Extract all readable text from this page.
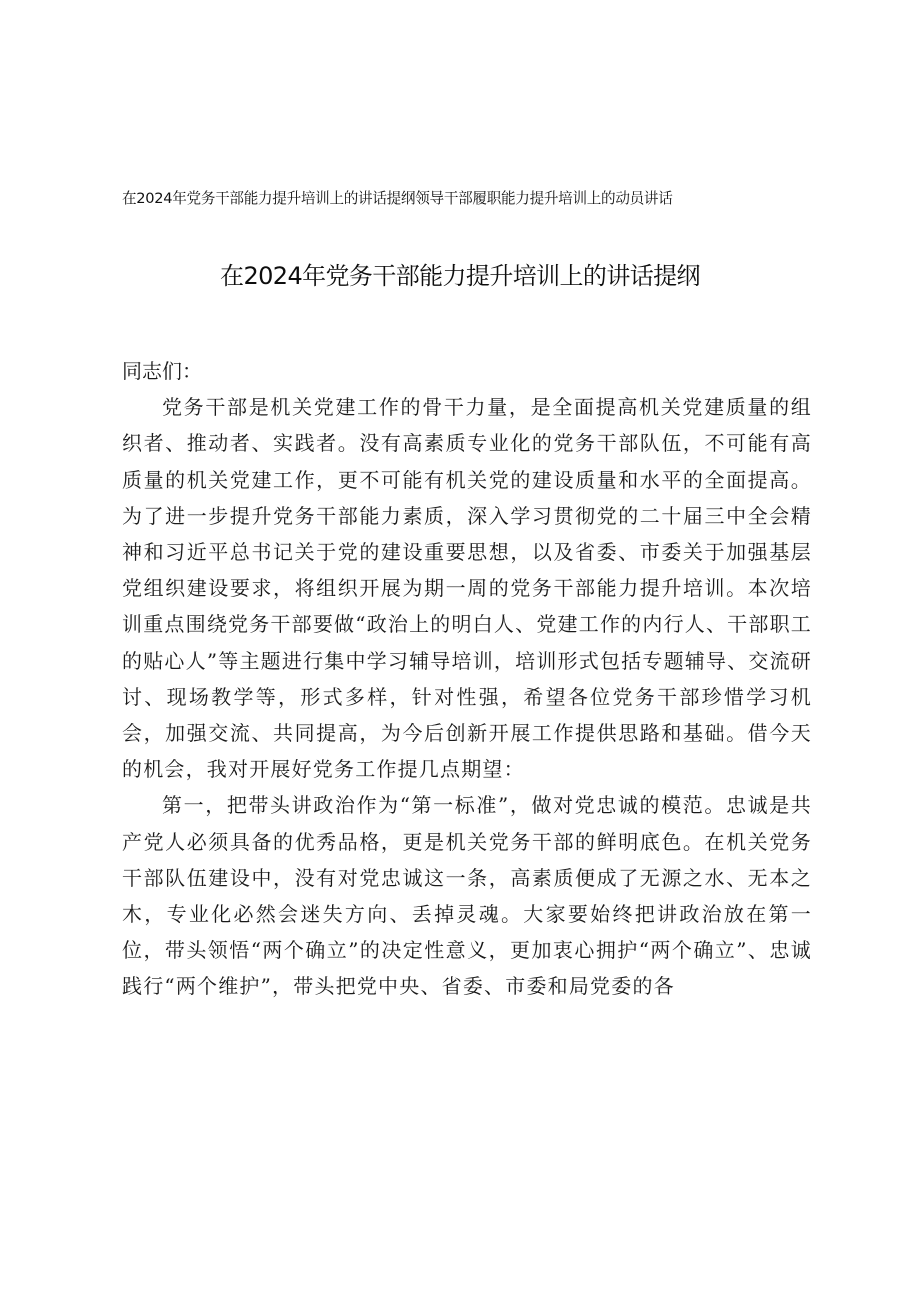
在2024年党务干部能力提升培训上的讲话提纲领导干部履职能力提升培训上的动员讲话
在2024年党务干部能力提升培训上的讲话提纲

同志们：

党务干部是机关党建工作的骨干力量，是全面提高机关党建质量的组织者、推动者、实践者。没有高素质专业化的党务干部队伍，不可能有高质量的机关党建工作，更不可能有机关党的建设质量和水平的全面提高。为了进一步提升党务干部能力素质，深入学习贯彻党的二十届三中全会精神和习近平总书记关于党的建设重要思想，以及省委、市委关于加强基层党组织建设要求，将组织开展为期一周的党务干部能力提升培训。本次培训重点围绕党务干部要做“政治上的明白人、党建工作的内行人、干部职工的贴心人”等主题进行集中学习辅导培训，培训形式包括专题辅导、交流研讨、现场教学等，形式多样，针对性强，希望各位党务干部珍惜学习机会，加强交流、共同提高，为今后创新开展工作提供思路和基础。借今天的机会，我对开展好党务工作提几点期望：

第一，把带头讲政治作为“第一标准”，做对党忠诚的模范。忠诚是共产党人必须具备的优秀品格，更是机关党务干部的鲜明底色。在机关党务干部队伍建设中，没有对党忠诚这一条，高素质便成了无源之水、无本之木，专业化必然会迷失方向、丢掉灵魂。大家要始终把讲政治放在第一位，带头领悟“两个确立”的决定性意义，更加衷心拥护“两个确立”、忠诚践行“两个维护”，带头把党中央、省委、市委和局党委的各
